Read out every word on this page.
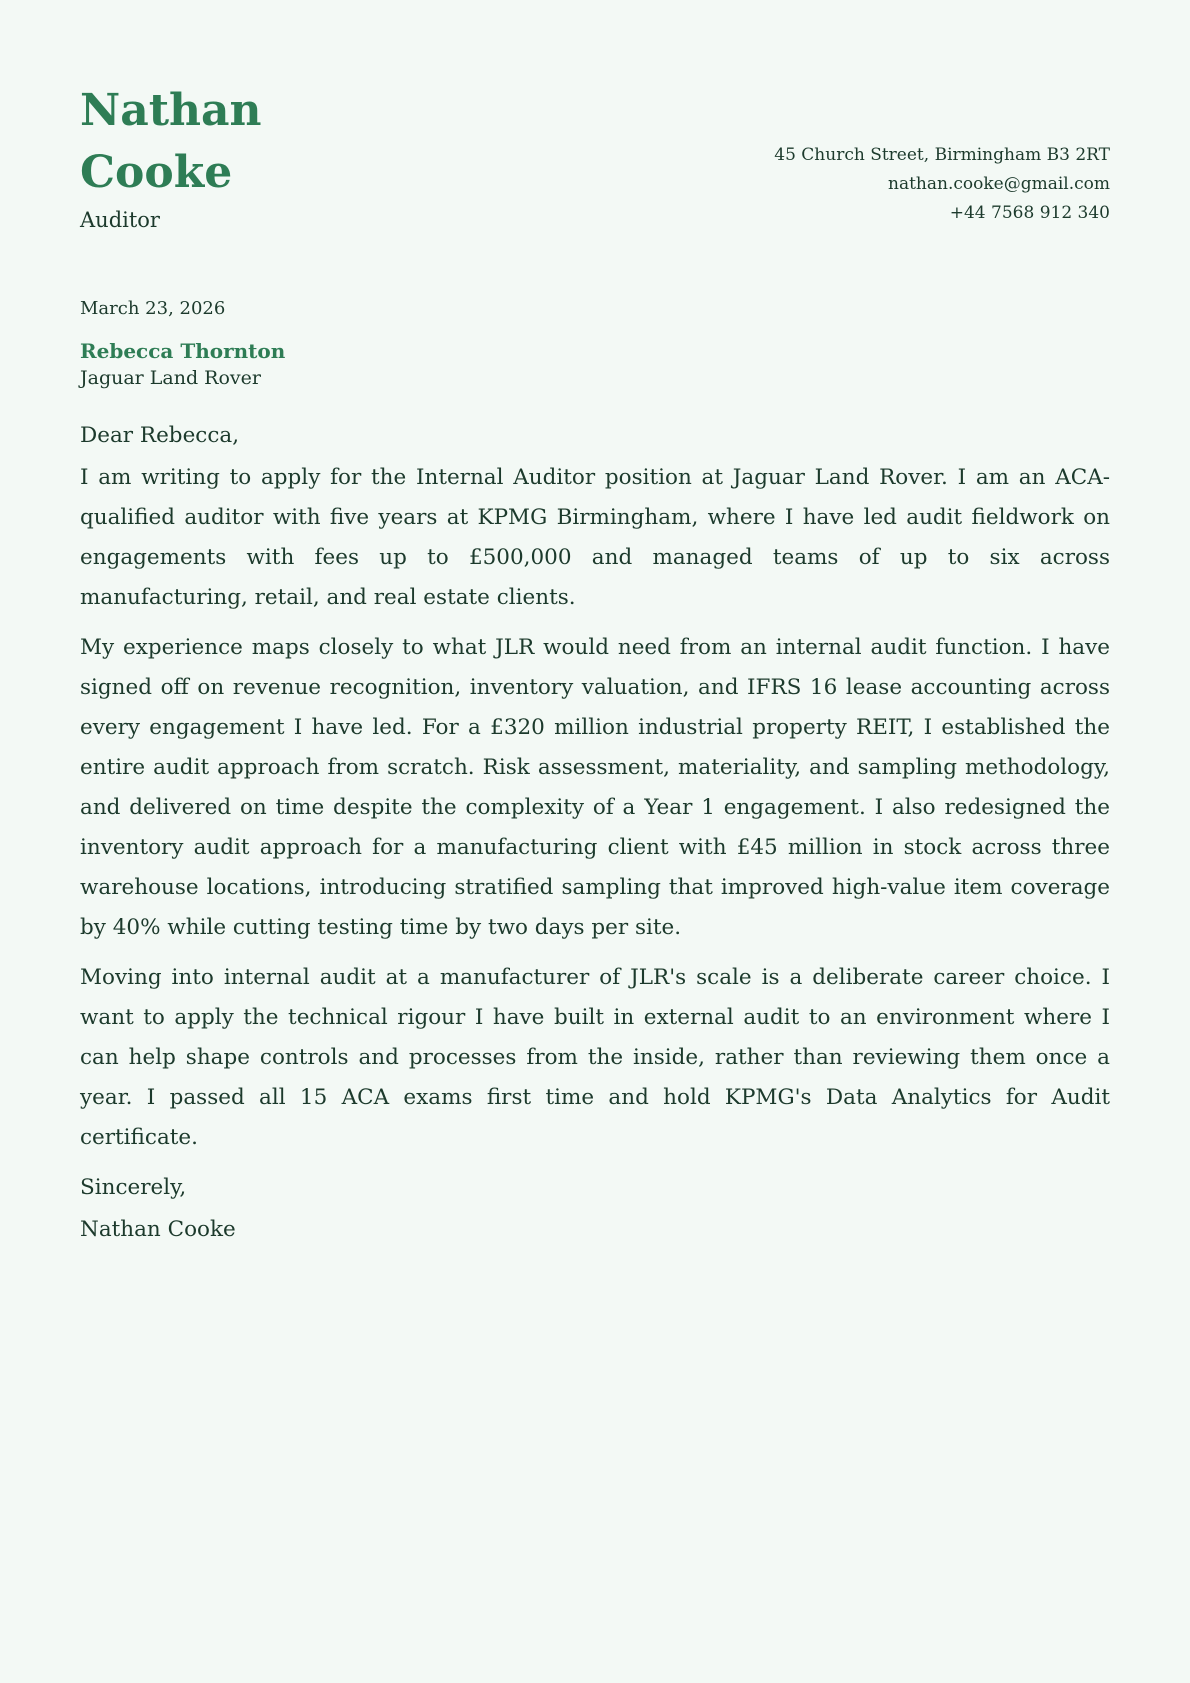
Nathan Cooke
Auditor
45 Church Street, Birmingham B3 2RT
nathan.cooke@gmail.com
+44 7568 912 340
March 23, 2026
Rebecca Thornton
Jaguar Land Rover
Dear Rebecca,

I am writing to apply for the Internal Auditor position at Jaguar Land Rover. I am an ACA-qualified auditor with five years at KPMG Birmingham, where I have led audit fieldwork on engagements with fees up to £500,000 and managed teams of up to six across manufacturing, retail, and real estate clients.

My experience maps closely to what JLR would need from an internal audit function. I have signed off on revenue recognition, inventory valuation, and IFRS 16 lease accounting across every engagement I have led. For a £320 million industrial property REIT, I established the entire audit approach from scratch. Risk assessment, materiality, and sampling methodology, and delivered on time despite the complexity of a Year 1 engagement. I also redesigned the inventory audit approach for a manufacturing client with £45 million in stock across three warehouse locations, introducing stratified sampling that improved high-value item coverage by 40% while cutting testing time by two days per site.

Moving into internal audit at a manufacturer of JLR's scale is a deliberate career choice. I want to apply the technical rigour I have built in external audit to an environment where I can help shape controls and processes from the inside, rather than reviewing them once a year. I passed all 15 ACA exams first time and hold KPMG's Data Analytics for Audit certificate.

Sincerely,
Nathan Cooke
